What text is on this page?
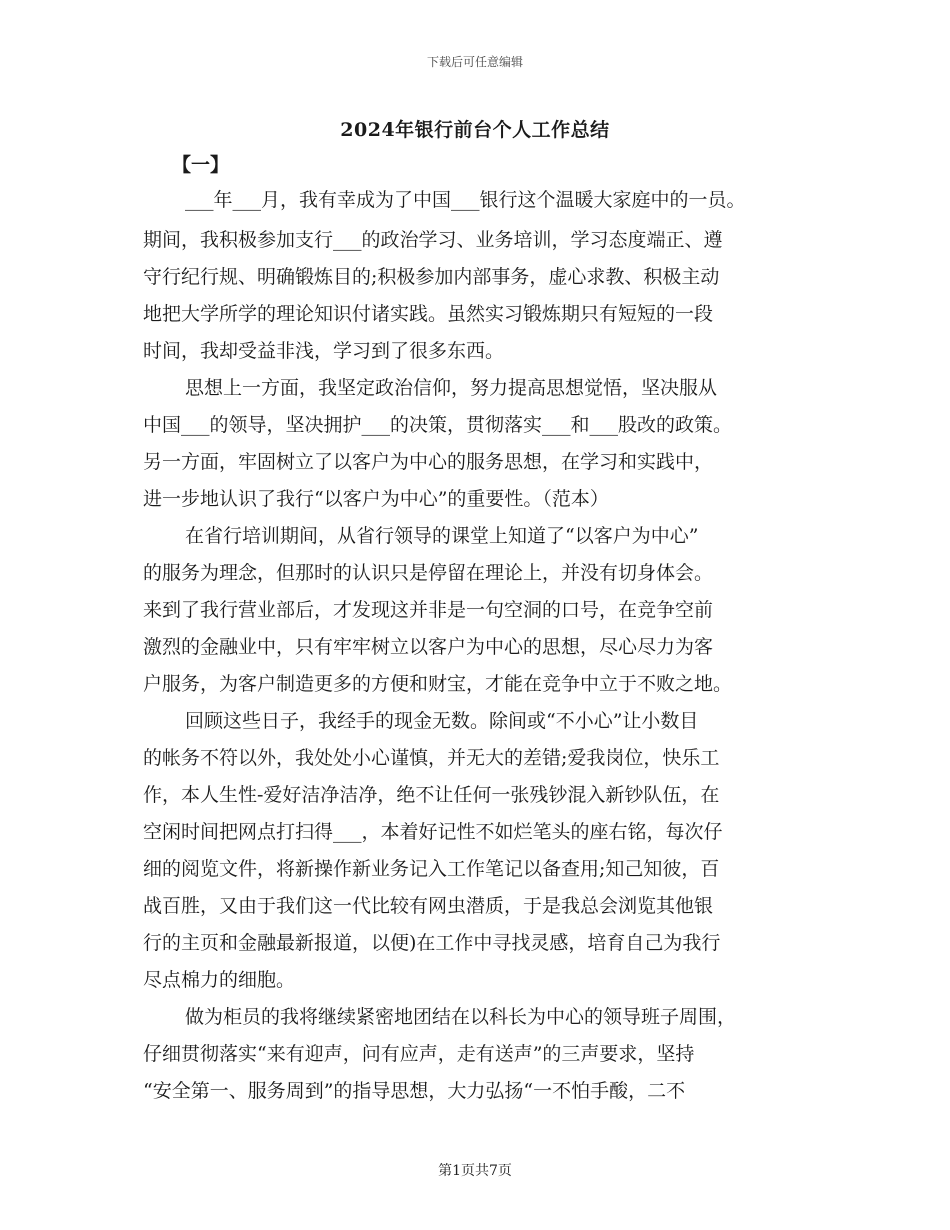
下载后可任意编辑
2024年银行前台个人工作总结
【一】
___年___月，我有幸成为了中国___银行这个温暖大家庭中的一员。
期间，我积极参加支行___的政治学习、业务培训，学习态度端正、遵
守行纪行规、明确锻炼目的;积极参加内部事务，虚心求教、积极主动
地把大学所学的理论知识付诸实践。虽然实习锻炼期只有短短的一段
时间，我却受益非浅，学习到了很多东西。
思想上一方面，我坚定政治信仰，努力提高思想觉悟，坚决服从
中国___的领导，坚决拥护___的决策，贯彻落实___和___股改的政策。
另一方面，牢固树立了以客户为中心的服务思想，在学习和实践中，
进一步地认识了我行“以客户为中心”的重要性。（范本）
在省行培训期间，从省行领导的课堂上知道了“以客户为中心”
的服务为理念，但那时的认识只是停留在理论上，并没有切身体会。
来到了我行营业部后，才发现这并非是一句空洞的口号，在竞争空前
激烈的金融业中，只有牢牢树立以客户为中心的思想，尽心尽力为客
户服务，为客户制造更多的方便和财宝，才能在竞争中立于不败之地。
回顾这些日子，我经手的现金无数。除间或“不小心”让小数目
的帐务不符以外，我处处小心谨慎，并无大的差错;爱我岗位，快乐工
作，本人生性-爱好洁净洁净，绝不让任何一张残钞混入新钞队伍，在
空闲时间把网点打扫得___，本着好记性不如烂笔头的座右铭，每次仔
细的阅览文件，将新操作新业务记入工作笔记以备查用;知己知彼，百
战百胜，又由于我们这一代比较有网虫潜质，于是我总会浏览其他银
行的主页和金融最新报道，以便)在工作中寻找灵感，培育自己为我行
尽点棉力的细胞。
做为柜员的我将继续紧密地团结在以科长为中心的领导班子周围，
仔细贯彻落实“来有迎声，问有应声，走有送声”的三声要求，坚持
“安全第一、服务周到”的指导思想，大力弘扬“一不怕手酸，二不
第1页共7页
